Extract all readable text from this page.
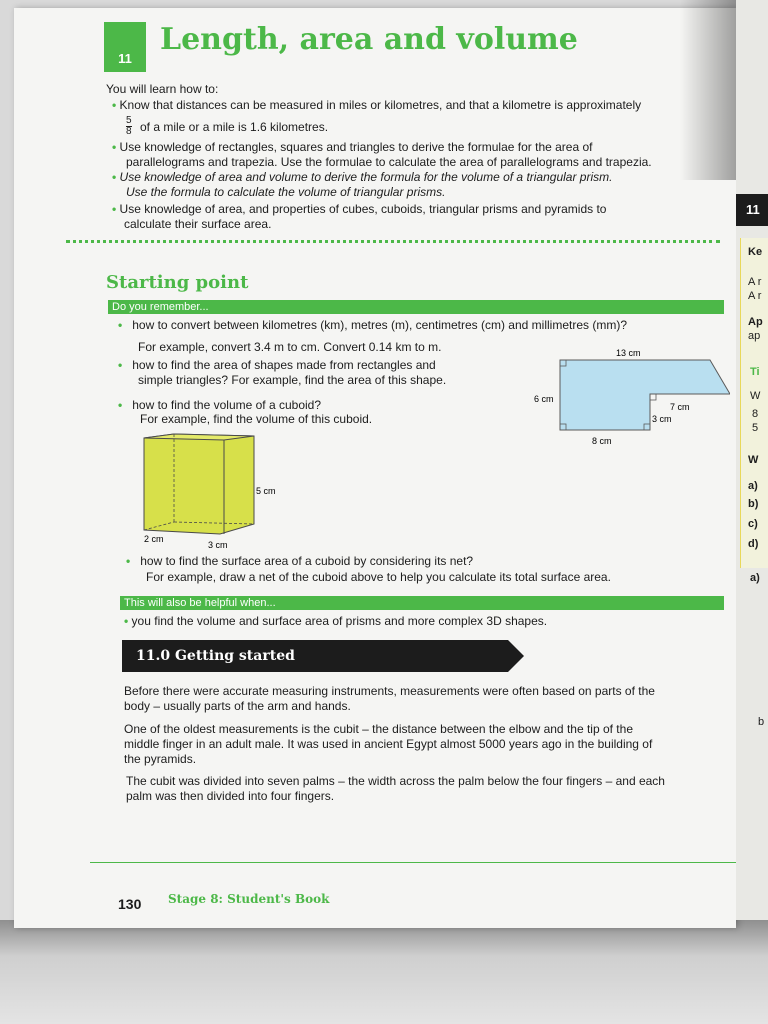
11
Ke
A r
A r
Ap
ap
Ti
W
8
5
W
a)
b)
c)
d)
a)
b
11
Length, area and volume
You will learn how to:
• Know that distances can be measured in miles or kilometres, and that a kilometre is approximately
$\frac{5}{8}$ of a mile or a mile is 1.6 kilometres.
• Use knowledge of rectangles, squares and triangles to derive the formulae for the area of
parallelograms and trapezia. Use the formulae to calculate the area of parallelograms and trapezia.
• Use knowledge of area and volume to derive the formula for the volume of a triangular prism.
Use the formula to calculate the volume of triangular prisms.
• Use knowledge of area, and properties of cubes, cuboids, triangular prisms and pyramids to
calculate their surface area.
Starting point
Do you remember...
• how to convert between kilometres (km), metres (m), centimetres (cm) and millimetres (mm)?
For example, convert 3.4 m to cm. Convert 0.14 km to m.
• how to find the area of shapes made from rectangles and
simple triangles? For example, find the area of this shape.
• how to find the volume of a cuboid?
For example, find the volume of this cuboid.
13 cm
6 cm
7 cm
3 cm
8 cm
5 cm
2 cm
3 cm
• how to find the surface area of a cuboid by considering its net?
For example, draw a net of the cuboid above to help you calculate its total surface area.
This will also be helpful when...
• you find the volume and surface area of prisms and more complex 3D shapes.
11.0 Getting started
Before there were accurate measuring instruments, measurements were often based on parts of the
body – usually parts of the arm and hands.
One of the oldest measurements is the cubit – the distance between the elbow and the tip of the
middle finger in an adult male. It was used in ancient Egypt almost 5000 years ago in the building of
the pyramids.
The cubit was divided into seven palms – the width across the palm below the four fingers – and each
palm was then divided into four fingers.
130 Stage 8: Student's Book
